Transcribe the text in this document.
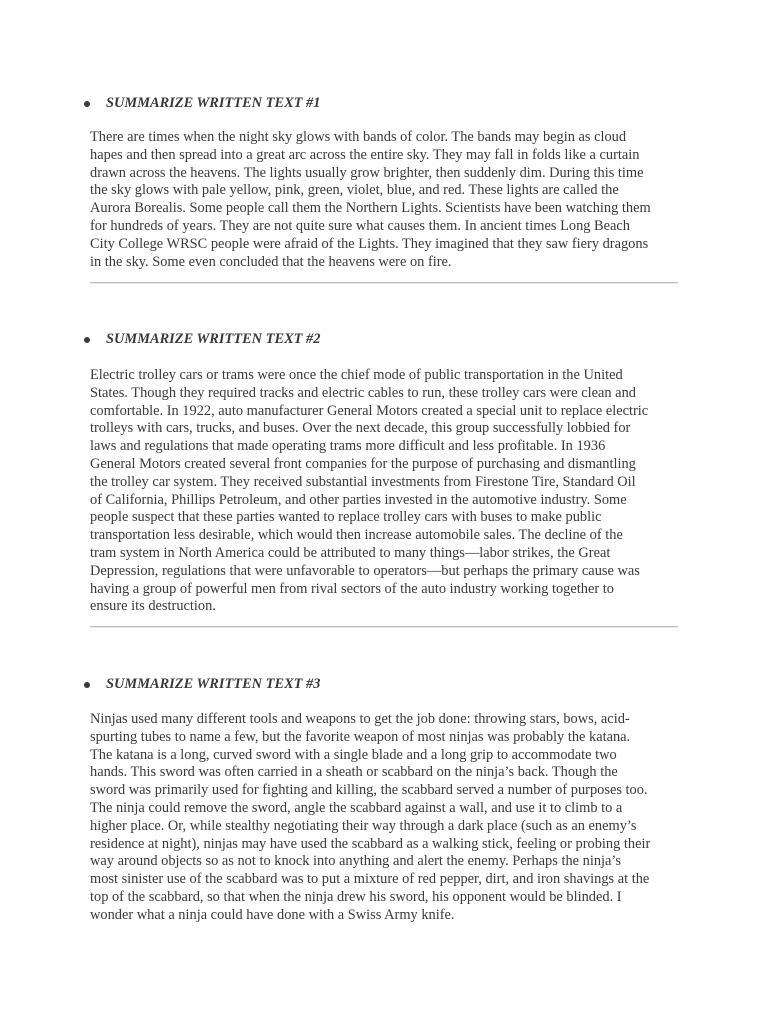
SUMMARIZE WRITTEN TEXT #1
There are times when the night sky glows with bands of color. The bands may begin as cloud
hapes and then spread into a great arc across the entire sky. They may fall in folds like a curtain
drawn across the heavens. The lights usually grow brighter, then suddenly dim. During this time
the sky glows with pale yellow, pink, green, violet, blue, and red. These lights are called the
Aurora Borealis. Some people call them the Northern Lights. Scientists have been watching them
for hundreds of years. They are not quite sure what causes them. In ancient times Long Beach
City College WRSC people were afraid of the Lights. They imagined that they saw fiery dragons
in the sky. Some even concluded that the heavens were on fire.
SUMMARIZE WRITTEN TEXT #2
Electric trolley cars or trams were once the chief mode of public transportation in the United
States. Though they required tracks and electric cables to run, these trolley cars were clean and
comfortable. In 1922, auto manufacturer General Motors created a special unit to replace electric
trolleys with cars, trucks, and buses. Over the next decade, this group successfully lobbied for
laws and regulations that made operating trams more difficult and less profitable. In 1936
General Motors created several front companies for the purpose of purchasing and dismantling
the trolley car system. They received substantial investments from Firestone Tire, Standard Oil
of California, Phillips Petroleum, and other parties invested in the automotive industry. Some
people suspect that these parties wanted to replace trolley cars with buses to make public
transportation less desirable, which would then increase automobile sales. The decline of the
tram system in North America could be attributed to many things—labor strikes, the Great
Depression, regulations that were unfavorable to operators—but perhaps the primary cause was
having a group of powerful men from rival sectors of the auto industry working together to
ensure its destruction.
SUMMARIZE WRITTEN TEXT #3
Ninjas used many different tools and weapons to get the job done: throwing stars, bows, acid-
spurting tubes to name a few, but the favorite weapon of most ninjas was probably the katana.
The katana is a long, curved sword with a single blade and a long grip to accommodate two
hands. This sword was often carried in a sheath or scabbard on the ninja’s back. Though the
sword was primarily used for fighting and killing, the scabbard served a number of purposes too.
The ninja could remove the sword, angle the scabbard against a wall, and use it to climb to a
higher place. Or, while stealthy negotiating their way through a dark place (such as an enemy’s
residence at night), ninjas may have used the scabbard as a walking stick, feeling or probing their
way around objects so as not to knock into anything and alert the enemy. Perhaps the ninja’s
most sinister use of the scabbard was to put a mixture of red pepper, dirt, and iron shavings at the
top of the scabbard, so that when the ninja drew his sword, his opponent would be blinded. I
wonder what a ninja could have done with a Swiss Army knife.
